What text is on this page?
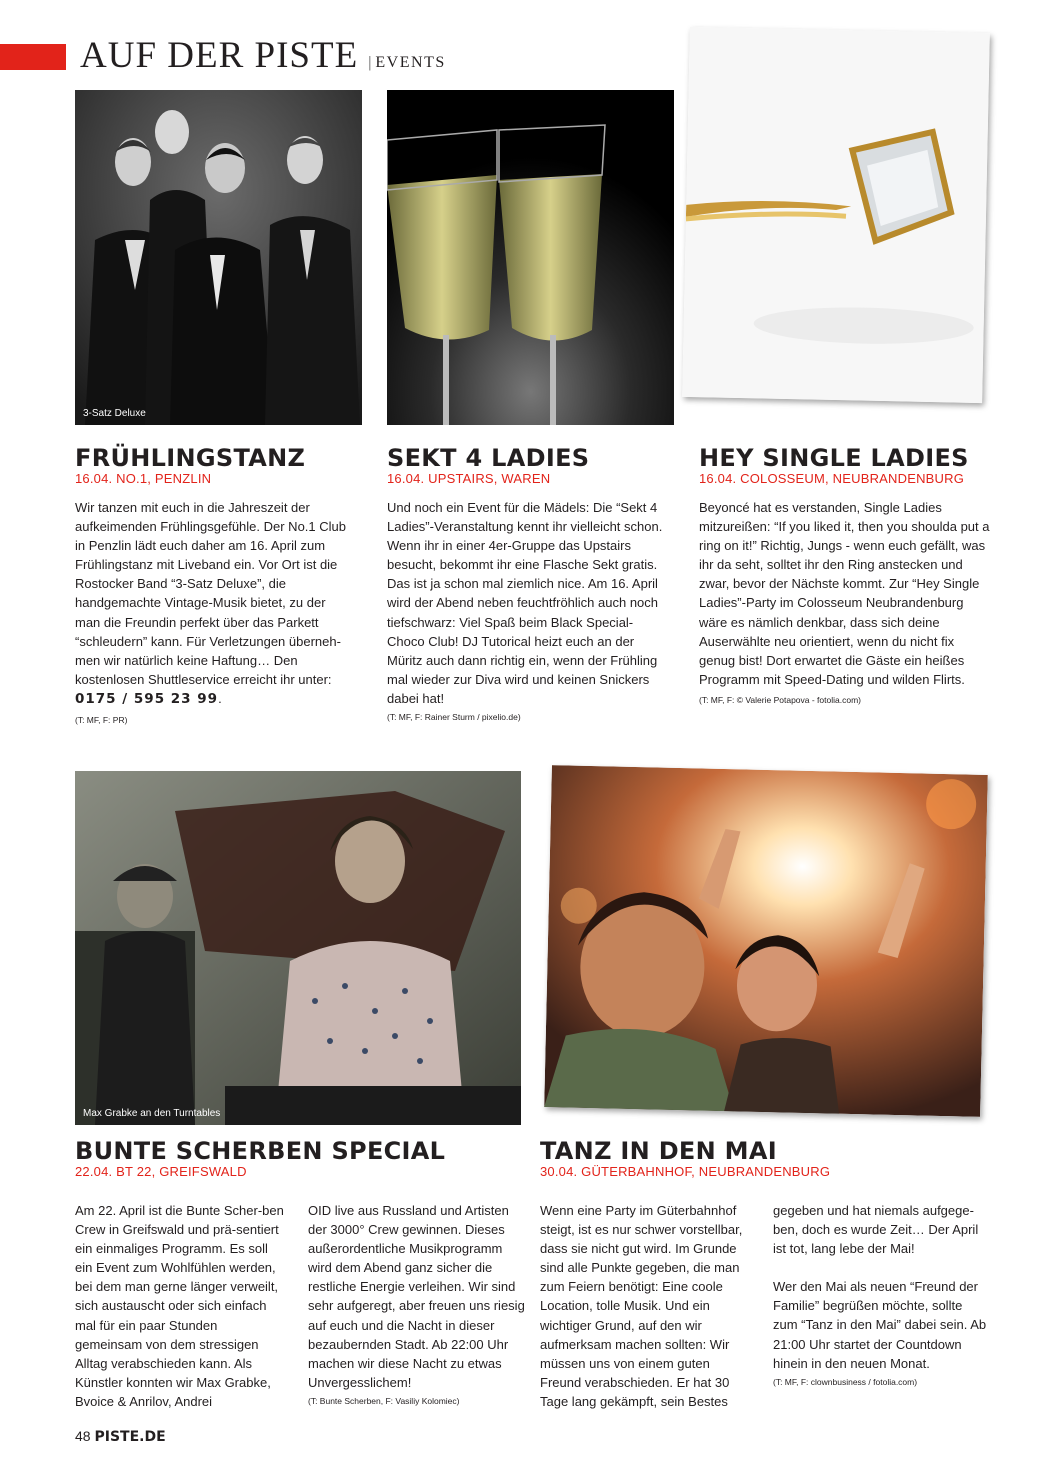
AUF DER PISTE | EVENTS
3-Satz Deluxe
FRÜHLINGSTANZ
16.04. NO.1, PENZLIN

Wir tanzen mit euch in die Jahreszeit der aufkeimenden Frühlingsgefühle. Der No.1 Club in Penzlin lädt euch daher am 16. April zum Frühlingstanz mit Liveband ein. Vor Ort ist die Rostocker Band “3-Satz Deluxe”, die handgemachte Vintage-Musik bietet, zu der man die Freundin perfekt über das Parkett “schleudern” kann. Für Verletzungen überneh-men wir natürlich keine Haftung… Den kostenlosen Shuttleservice erreicht ihr unter: 0175 / 595 23 99.

(T: MF, F: PR)
SEKT 4 LADIES
16.04. UPSTAIRS, WAREN

Und noch ein Event für die Mädels: Die “Sekt 4 Ladies”-Veranstaltung kennt ihr vielleicht schon. Wenn ihr in einer 4er-Gruppe das Upstairs besucht, bekommt ihr eine Flasche Sekt gratis. Das ist ja schon mal ziemlich nice. Am 16. April wird der Abend neben feuchtfröhlich auch noch tiefschwarz: Viel Spaß beim Black Special-Choco Club! DJ Tutorical heizt euch an der Müritz auch dann richtig ein, wenn der Frühling mal wieder zur Diva wird und keinen Snickers dabei hat!

(T: MF, F: Rainer Sturm / pixelio.de)
HEY SINGLE LADIES
16.04. COLOSSEUM, NEUBRANDENBURG

Beyoncé hat es verstanden, Single Ladies mitzureißen: “If you liked it, then you shoulda put a ring on it!” Richtig, Jungs - wenn euch gefällt, was ihr da seht, solltet ihr den Ring anstecken und zwar, bevor der Nächste kommt. Zur “Hey Single Ladies”-Party im Colosseum Neubrandenburg wäre es nämlich denkbar, dass sich deine Auserwählte neu orientiert, wenn du nicht fix genug bist! Dort erwartet die Gäste ein heißes Programm mit Speed-Dating und wilden Flirts.

(T: MF, F: © Valerie Potapova - fotolia.com)
Max Grabke an den Turntables
BUNTE SCHERBEN SPECIAL
22.04. BT 22, GREIFSWALD

Am 22. April ist die Bunte Scher-ben Crew in Greifswald und prä-sentiert ein einmaliges Programm. Es soll ein Event zum Wohlfühlen werden, bei dem man gerne länger verweilt, sich austauscht oder sich einfach mal für ein paar Stunden gemeinsam von dem stressigen Alltag verabschieden kann. Als Künstler konnten wir Max Grabke, Bvoice & Anrilov, Andrei

OID live aus Russland und Artisten der 3000° Crew gewinnen. Dieses außerordentliche Musikprogramm wird dem Abend ganz sicher die restliche Energie verleihen. Wir sind sehr aufgeregt, aber freuen uns riesig auf euch und die Nacht in dieser bezaubernden Stadt. Ab 22:00 Uhr machen wir diese Nacht zu etwas Unvergesslichem!

(T: Bunte Scherben, F: Vasiliy Kolomiec)
TANZ IN DEN MAI
30.04. GÜTERBAHNHOF, NEUBRANDENBURG

Wenn eine Party im Güterbahnhof steigt, ist es nur schwer vorstellbar, dass sie nicht gut wird. Im Grunde sind alle Punkte gegeben, die man zum Feiern benötigt: Eine coole Location, tolle Musik. Und ein wichtiger Grund, auf den wir aufmerksam machen sollten: Wir müssen uns von einem guten Freund verabschieden. Er hat 30 Tage lang gekämpft, sein Bestes

gegeben und hat niemals aufgege-ben, doch es wurde Zeit… Der April ist tot, lang lebe der Mai!

Wer den Mai als neuen “Freund der Familie” begrüßen möchte, sollte zum “Tanz in den Mai” dabei sein. Ab 21:00 Uhr startet der Countdown hinein in den neuen Monat.

(T: MF, F: clownbusiness / fotolia.com)
48 PISTE.DE
